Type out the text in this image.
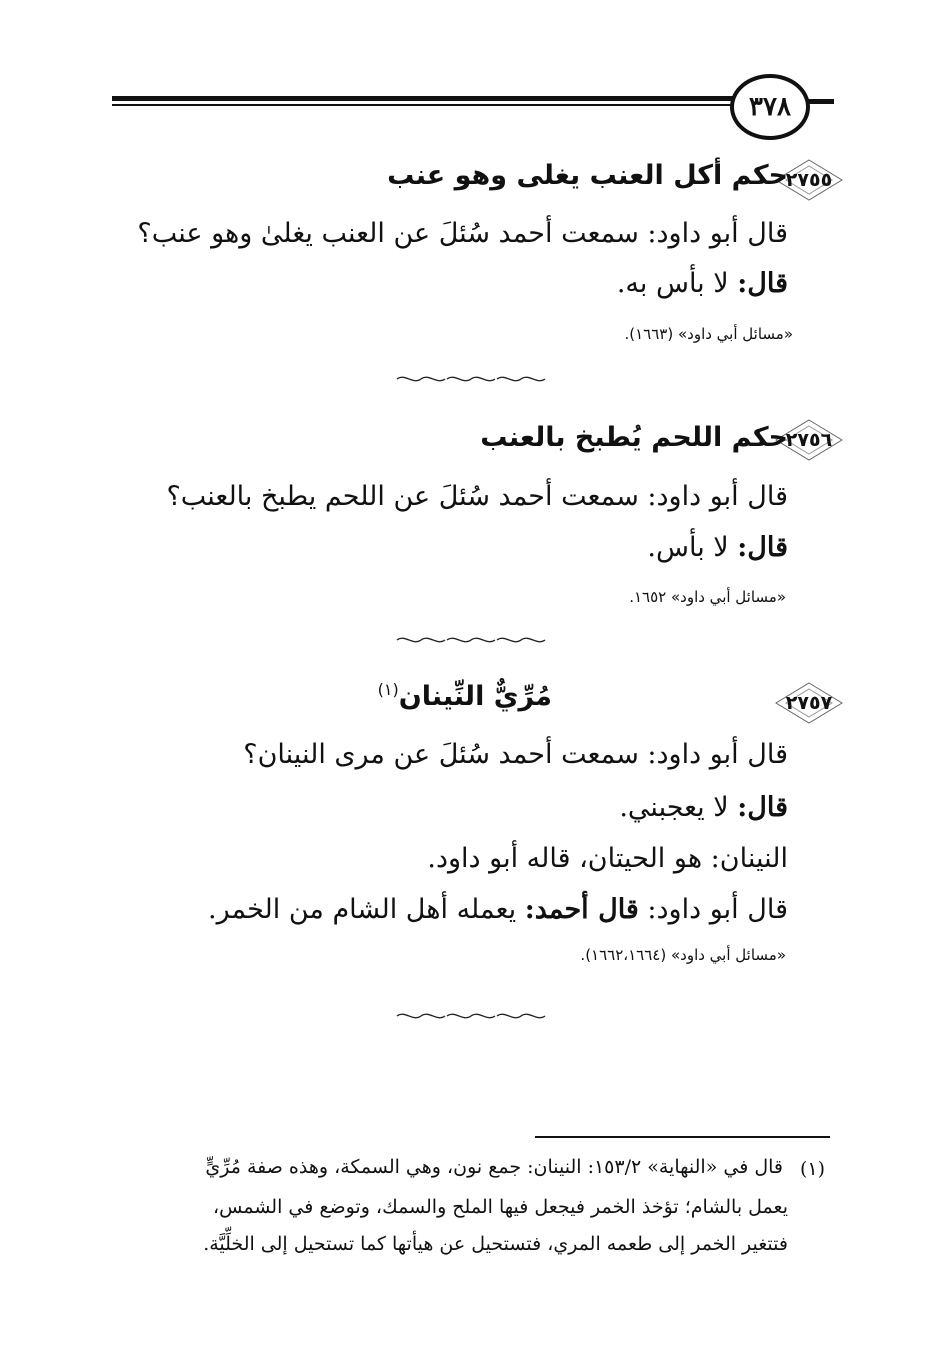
٣٧٨
٢٧٥٥
حكم أكل العنب يغلى وهو عنب
قال أبو داود: سمعت أحمد سُئلَ عن العنب يغلىٰ وهو عنب؟
قال: لا بأس به.
«مسائل أبي داود» (١٦٦٣).
٢٧٥٦
حكم اللحم يُطبخ بالعنب
قال أبو داود: سمعت أحمد سُئلَ عن اللحم يطبخ بالعنب؟
قال: لا بأس.
«مسائل أبي داود» ١٦٥٢.
٢٧٥٧
مُرِّيٌّ النِّينان$^{(١)}$
قال أبو داود: سمعت أحمد سُئلَ عن مرى النينان؟
قال: لا يعجبني.
النينان: هو الحيتان، قاله أبو داود.
قال أبو داود: قال أحمد: يعمله أهل الشام من الخمر.
«مسائل أبي داود» (١٦٦٢،١٦٦٤).
(١)
قال في «النهاية» ١٥٣/٢: النينان: جمع نون، وهي السمكة، وهذه صفة مُرِّيٍّ
يعمل بالشام؛ تؤخذ الخمر فيجعل فيها الملح والسمك، وتوضع في الشمس،
فتتغير الخمر إلى طعمه المري، فتستحيل عن هيأتها كما تستحيل إلى الخلِّيَّة.
